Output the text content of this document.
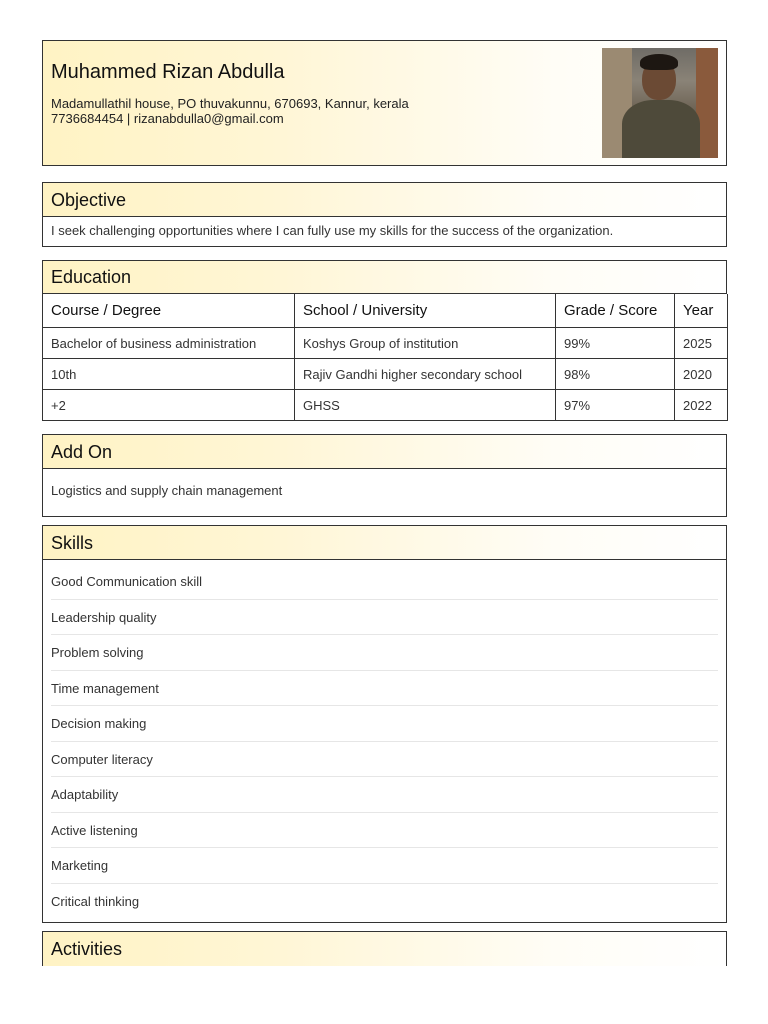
Muhammed Rizan Abdulla
Madamullathil house, PO thuvakunnu, 670693, Kannur, kerala
7736684454 | rizanabdulla0@gmail.com
Objective
I seek challenging opportunities where I can fully use my skills for the success of the organization.
Education
Course / Degree	School / University	Grade / Score	Year
Bachelor of business administration	Koshys Group of institution	99%	2025
10th	Rajiv Gandhi higher secondary school	98%	2020
+2	GHSS	97%	2022
Add On
Logistics and supply chain management
Skills
Good Communication skill
Leadership quality
Problem solving
Time management
Decision making
Computer literacy
Adaptability
Active listening
Marketing
Critical thinking
Activities
